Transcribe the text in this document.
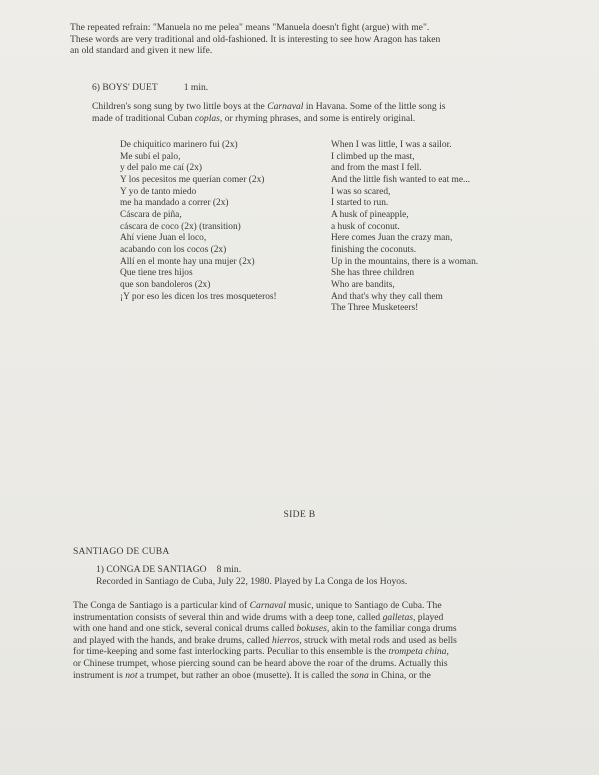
The repeated refrain: "Manuela no me pelea" means "Manuela doesn't fight (argue) with me".
These words are very traditional and old-fashioned. It is interesting to see how Aragon has taken
an old standard and given it new life.

6) BOYS' DUET	1 min.

Children's song sung by two little boys at the Carnaval in Havana. Some of the little song is
made of traditional Cuban coplas, or rhyming phrases, and some is entirely original.

De chiquitico marinero fui (2x)
Me subí el palo,
y del palo me caí (2x)
Y los pecesitos me querían comer (2x)
Y yo de tanto miedo
me ha mandado a correr (2x)
Cáscara de piña,
cáscara de coco (2x) (transition)
Ahí viene Juan el loco,
acabando con los cocos (2x)
Allí en el monte hay una mujer (2x)
Que tiene tres hijos
que son bandoleros (2x)
¡Y por eso les dicen los tres mosqueteros!
When I was little, I was a sailor.
I climbed up the mast,
and from the mast I fell.
And the little fish wanted to eat me...
I was so scared,
I started to run.
A husk of pineapple,
a husk of coconut.
Here comes Juan the crazy man,
finishing the coconuts.
Up in the mountains, there is a woman.
She has three children
Who are bandits,
And that's why they call them
The Three Musketeers!
SIDE B
SANTIAGO DE CUBA
1) CONGA DE SANTIAGO 8 min.
Recorded in Santiago de Cuba, July 22, 1980. Played by La Conga de los Hoyos.

The Conga de Santiago is a particular kind of Carnaval music, unique to Santiago de Cuba. The
instrumentation consists of several thin and wide drums with a deep tone, called galletas, played
with one hand and one stick, several conical drums called bokuses, akin to the familiar conga drums
and played with the hands, and brake drums, called hierros, struck with metal rods and used as bells
for time-keeping and some fast interlocking parts. Peculiar to this ensemble is the trompeta china,
or Chinese trumpet, whose piercing sound can be heard above the roar of the drums. Actually this
instrument is not a trumpet, but rather an oboe (musette). It is called the sona in China, or the
